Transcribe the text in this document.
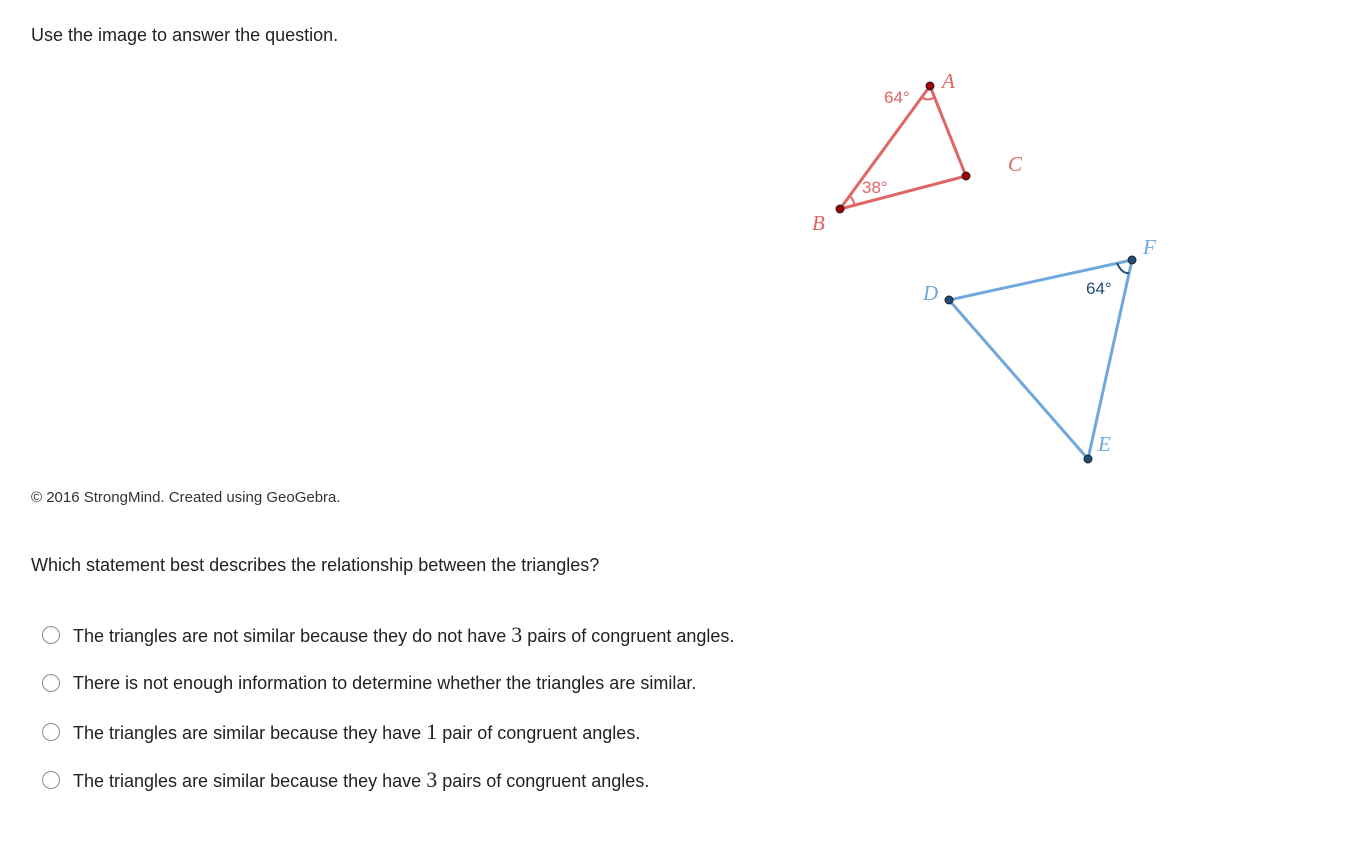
Use the image to answer the question.
A
B
C
64°
38°
D
E
F
64°
© 2016 StrongMind. Created using GeoGebra.
Which statement best describes the relationship between the triangles?
The triangles are not similar because they do not have 3 pairs of congruent angles.
There is not enough information to determine whether the triangles are similar.
The triangles are similar because they have 1 pair of congruent angles.
The triangles are similar because they have 3 pairs of congruent angles.
